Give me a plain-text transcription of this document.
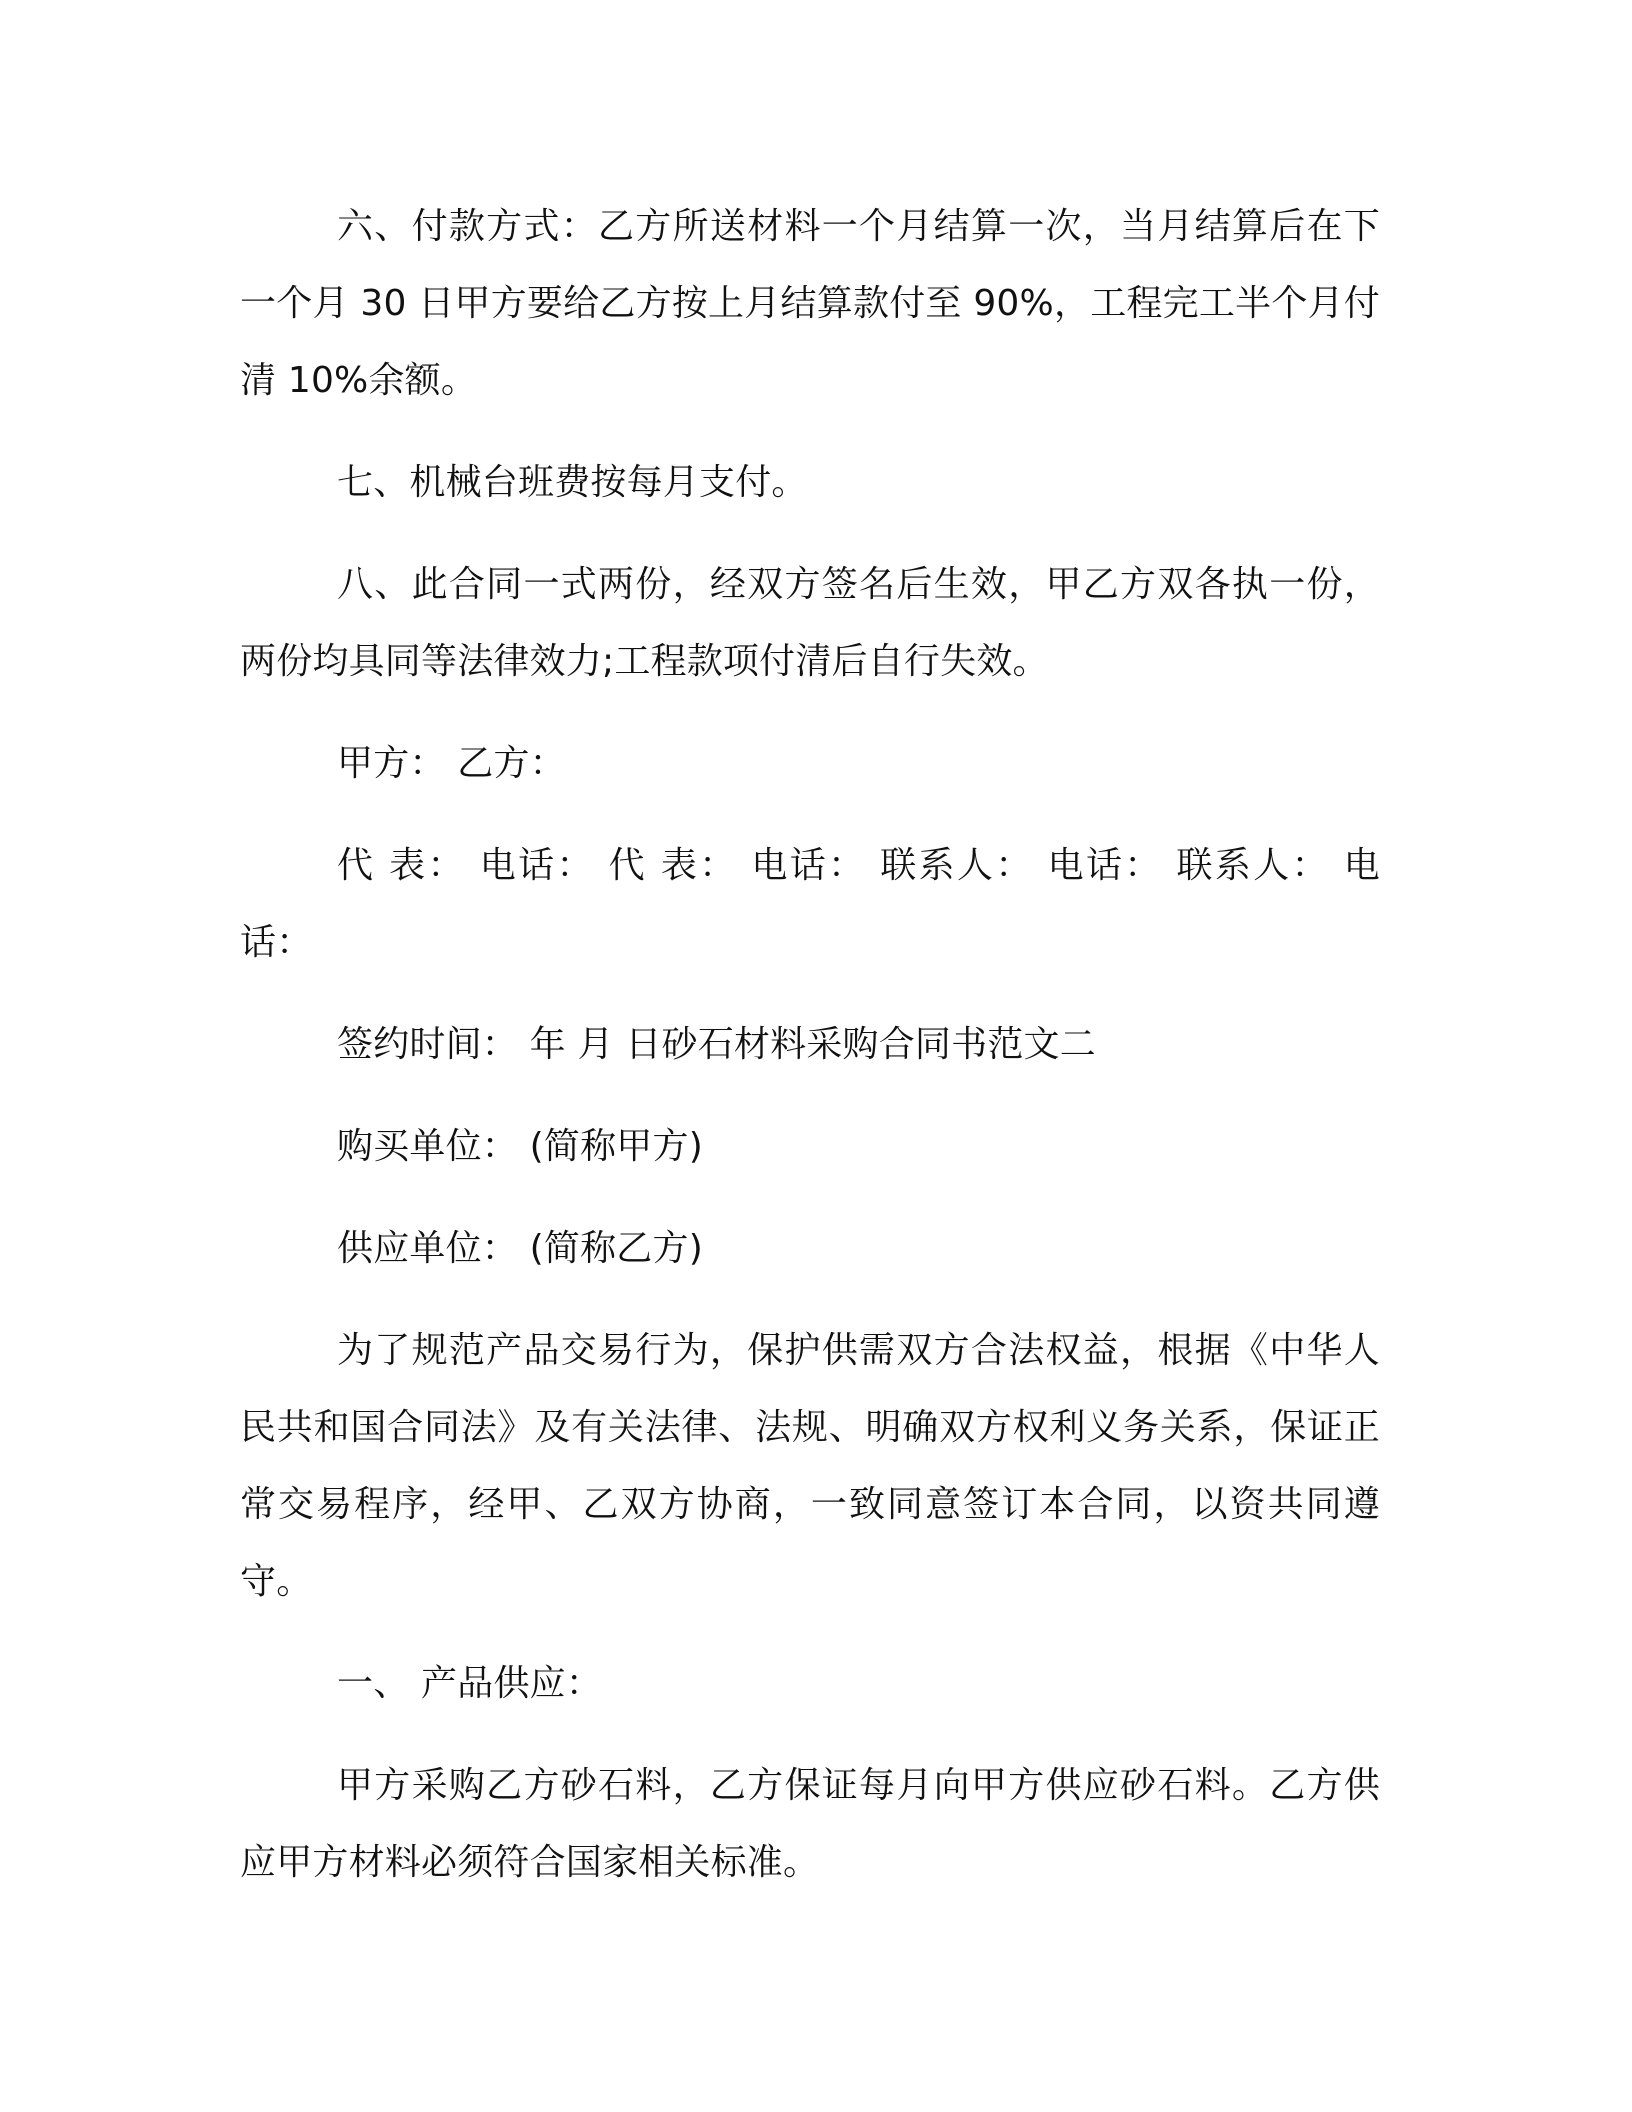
六、付款方式：乙方所送材料一个月结算一次，当月结算后在下一个月 30 日甲方要给乙方按上月结算款付至 90%，工程完工半个月付清 10%余额。

七、机械台班费按每月支付。

八、此合同一式两份，经双方签名后生效，甲乙方双各执一份，两份均具同等法律效力;工程款项付清后自行失效。

甲方： 乙方：

代 表： 电话： 代 表： 电话： 联系人： 电话： 联系人： 电话：

签约时间： 年 月 日砂石材料采购合同书范文二

购买单位： (简称甲方)

供应单位： (简称乙方)

为了规范产品交易行为，保护供需双方合法权益，根据《中华人民共和国合同法》及有关法律、法规、明确双方权利义务关系，保证正常交易程序，经甲、乙双方协商，一致同意签订本合同，以资共同遵守。

一、 产品供应：

甲方采购乙方砂石料，乙方保证每月向甲方供应砂石料。乙方供应甲方材料必须符合国家相关标准。
